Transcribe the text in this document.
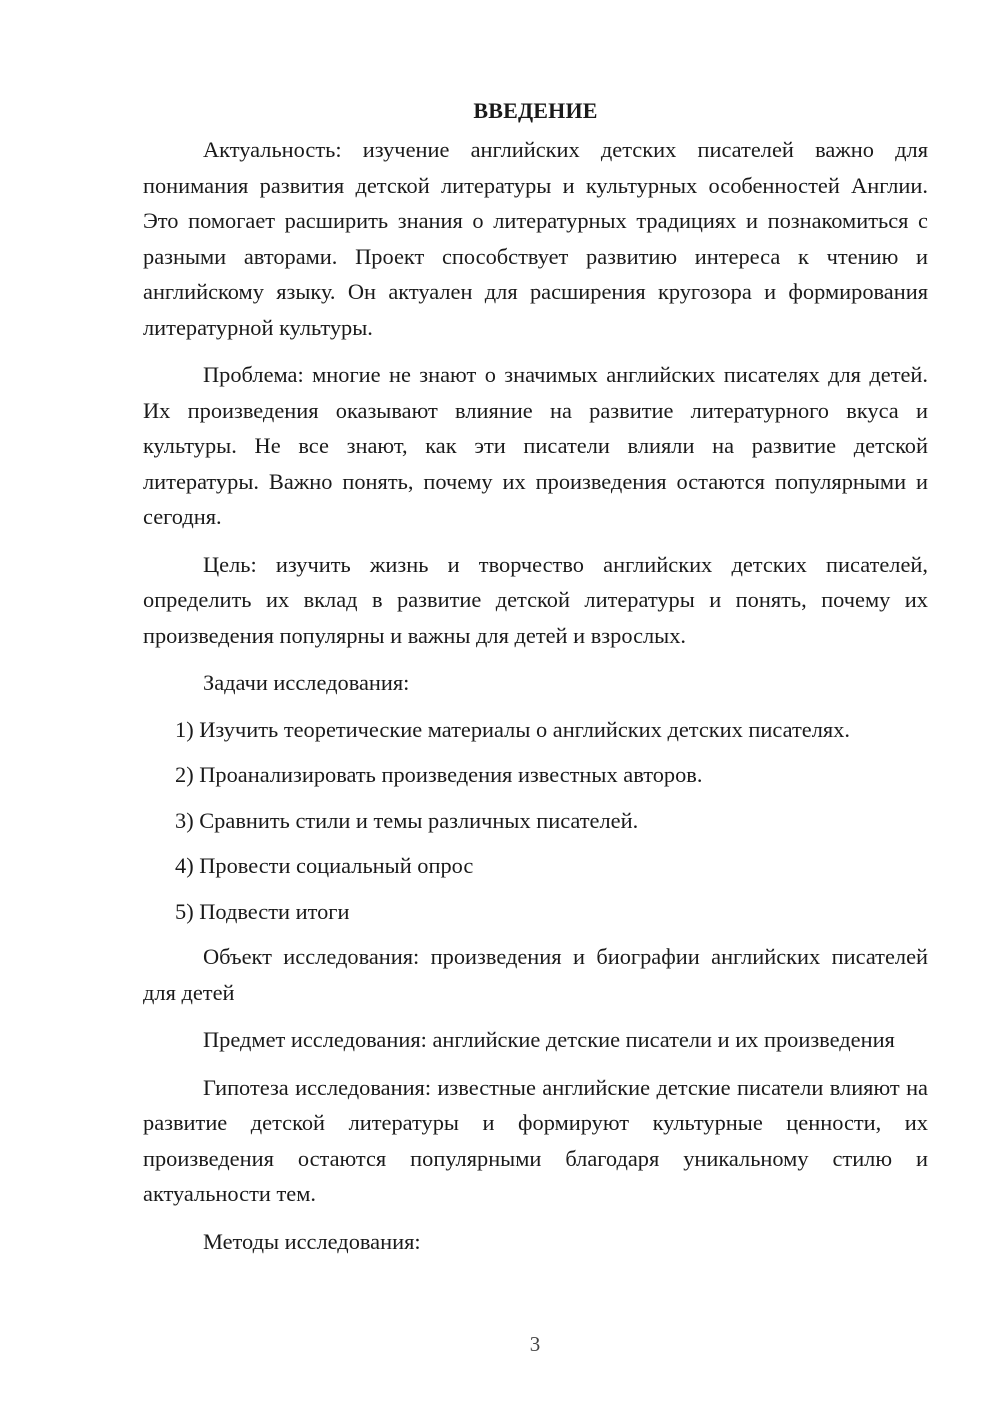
ВВЕДЕНИЕ

Актуальность: изучение английских детских писателей важно для понимания развития детской литературы и культурных особенностей Англии. Это помогает расширить знания о литературных традициях и познакомиться с разными авторами. Проект способствует развитию интереса к чтению и английскому языку. Он актуален для расширения кругозора и формирования литературной культуры.

Проблема: многие не знают о значимых английских писателях для детей. Их произведения оказывают влияние на развитие литературного вкуса и культуры. Не все знают, как эти писатели влияли на развитие детской литературы. Важно понять, почему их произведения остаются популярными и сегодня.

Цель: изучить жизнь и творчество английских детских писателей, определить их вклад в развитие детской литературы и понять, почему их произведения популярны и важны для детей и взрослых.

Задачи исследования:

1) Изучить теоретические материалы о английских детских писателях.
2) Проанализировать произведения известных авторов.
3) Сравнить стили и темы различных писателей.
4) Провести социальный опрос
5) Подвести итоги

Объект исследования: произведения и биографии английских писателей для детей

Предмет исследования: английские детские писатели и их произведения

Гипотеза исследования: известные английские детские писатели влияют на развитие детской литературы и формируют культурные ценности, их произведения остаются популярными благодаря уникальному стилю и актуальности тем.

Методы исследования:

3
